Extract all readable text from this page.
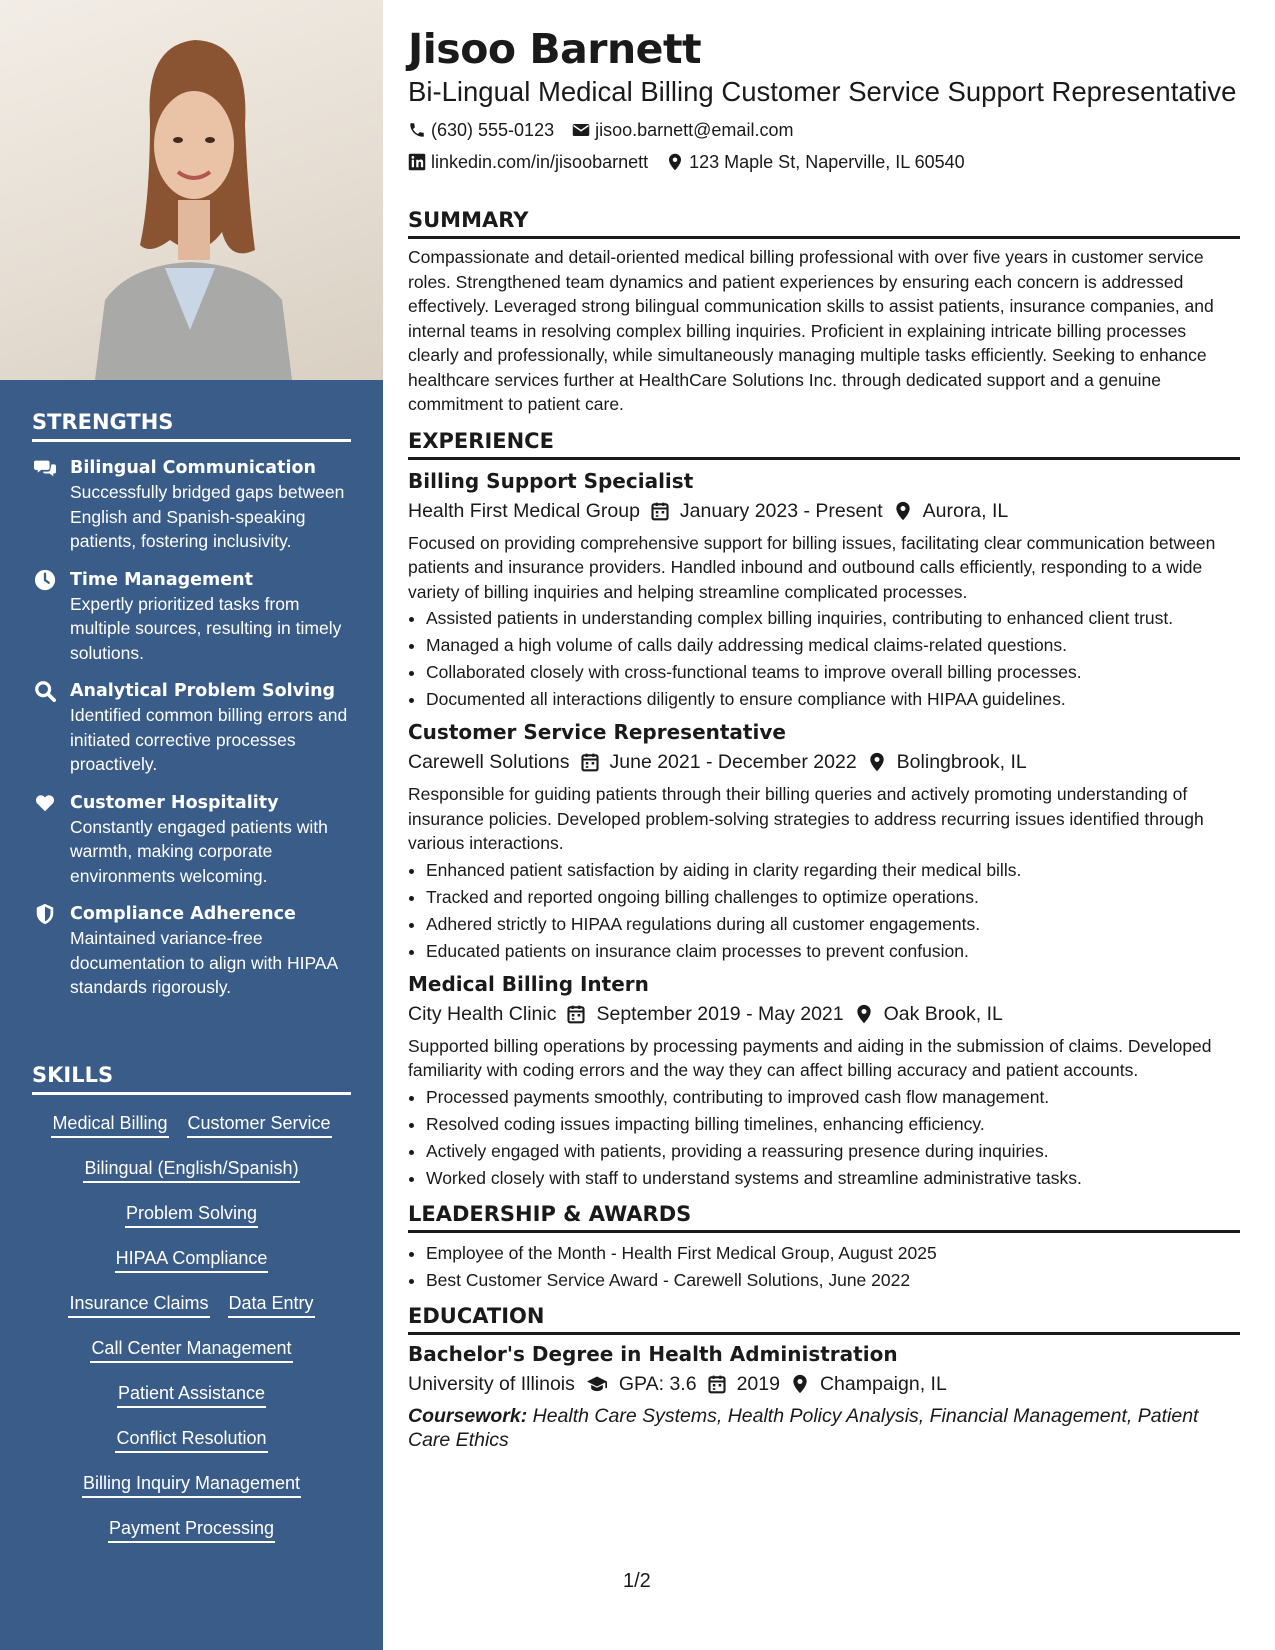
STRENGTHS
Bilingual Communication
Successfully bridged gaps between English and Spanish-speaking patients, fostering inclusivity.
Time Management
Expertly prioritized tasks from multiple sources, resulting in timely solutions.
Analytical Problem Solving
Identified common billing errors and initiated corrective processes proactively.
Customer Hospitality
Constantly engaged patients with warmth, making corporate environments welcoming.
Compliance Adherence
Maintained variance-free documentation to align with HIPAA standards rigorously.
SKILLS
Medical Billing Customer Service
Bilingual (English/Spanish)
Problem Solving
HIPAA Compliance
Insurance Claims Data Entry
Call Center Management
Patient Assistance
Conflict Resolution
Billing Inquiry Management
Payment Processing
Jisoo Barnett
Bi-Lingual Medical Billing Customer Service Support Representative
(630) 555-0123 jisoo.barnett@email.com
linkedin.com/in/jisoobarnett 123 Maple St, Naperville, IL 60540
SUMMARY

Compassionate and detail-oriented medical billing professional with over five years in customer service roles. Strengthened team dynamics and patient experiences by ensuring each concern is addressed effectively. Leveraged strong bilingual communication skills to assist patients, insurance companies, and internal teams in resolving complex billing inquiries. Proficient in explaining intricate billing processes clearly and professionally, while simultaneously managing multiple tasks efficiently. Seeking to enhance healthcare services further at HealthCare Solutions Inc. through dedicated support and a genuine commitment to patient care.

EXPERIENCE
Billing Support Specialist
Health First Medical Group January 2023 - Present Aurora, IL

Focused on providing comprehensive support for billing issues, facilitating clear communication between patients and insurance providers. Handled inbound and outbound calls efficiently, responding to a wide variety of billing inquiries and helping streamline complicated processes.

• Assisted patients in understanding complex billing inquiries, contributing to enhanced client trust.
• Managed a high volume of calls daily addressing medical claims-related questions.
• Collaborated closely with cross-functional teams to improve overall billing processes.
• Documented all interactions diligently to ensure compliance with HIPAA guidelines.
Customer Service Representative
Carewell Solutions June 2021 - December 2022 Bolingbrook, IL

Responsible for guiding patients through their billing queries and actively promoting understanding of insurance policies. Developed problem-solving strategies to address recurring issues identified through various interactions.

• Enhanced patient satisfaction by aiding in clarity regarding their medical bills.
• Tracked and reported ongoing billing challenges to optimize operations.
• Adhered strictly to HIPAA regulations during all customer engagements.
• Educated patients on insurance claim processes to prevent confusion.
Medical Billing Intern
City Health Clinic September 2019 - May 2021 Oak Brook, IL

Supported billing operations by processing payments and aiding in the submission of claims. Developed familiarity with coding errors and the way they can affect billing accuracy and patient accounts.

• Processed payments smoothly, contributing to improved cash flow management.
• Resolved coding issues impacting billing timelines, enhancing efficiency.
• Actively engaged with patients, providing a reassuring presence during inquiries.
• Worked closely with staff to understand systems and streamline administrative tasks.
LEADERSHIP & AWARDS
• Employee of the Month - Health First Medical Group, August 2025
• Best Customer Service Award - Carewell Solutions, June 2022
EDUCATION
Bachelor's Degree in Health Administration
University of Illinois GPA: 3.6 2019 Champaign, IL
Coursework: Health Care Systems, Health Policy Analysis, Financial Management, Patient Care Ethics
1/2
